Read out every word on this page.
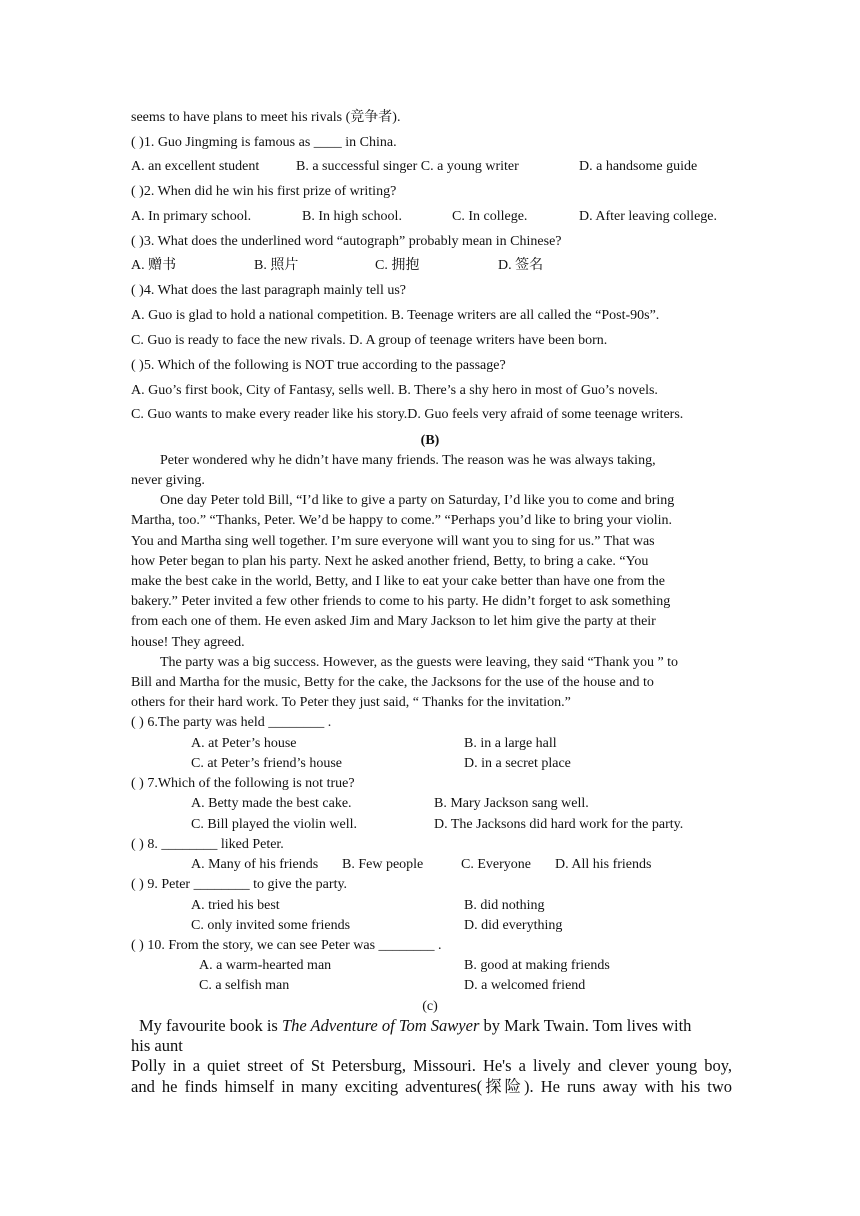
seems to have plans to meet his rivals (竞争者).
( )1. Guo Jingming is famous as ____ in China.
A. an excellent student	B. a successful singer C. a young writer	D. a handsome guide
( )2. When did he win his first prize of writing?
A. In primary school.	B. In high school.	C. In college.	D. After leaving college.
( )3. What does the underlined word “autograph” probably mean in Chinese?
A. 赠书	B. 照片	C. 拥抱	D. 签名
( )4. What does the last paragraph mainly tell us?
A. Guo is glad to hold a national competition. B. Teenage writers are all called the “Post-90s”.
C. Guo is ready to face the new rivals. D. A group of teenage writers have been born.
( )5. Which of the following is NOT true according to the passage?
A. Guo’s first book, City of Fantasy, sells well. B. There’s a shy hero in most of Guo’s novels.
C. Guo wants to make every reader like his story.D. Guo feels very afraid of some teenage writers.
(B)
Peter wondered why he didn’t have many friends. The reason was he was always taking,
never giving.
One day Peter told Bill, “I’d like to give a party on Saturday, I’d like you to come and bring
Martha, too.” “Thanks, Peter. We’d be happy to come.” “Perhaps you’d like to bring your violin.
You and Martha sing well together. I’m sure everyone will want you to sing for us.” That was
how Peter began to plan his party. Next he asked another friend, Betty, to bring a cake. “You
make the best cake in the world, Betty, and I like to eat your cake better than have one from the
bakery.” Peter invited a few other friends to come to his party. He didn’t forget to ask something
from each one of them. He even asked Jim and Mary Jackson to let him give the party at their
house! They agreed.
The party was a big success. However, as the guests were leaving, they said “Thank you ” to
Bill and Martha for the music, Betty for the cake, the Jacksons for the use of the house and to
others for their hard work. To Peter they just said, “ Thanks for the invitation.”
( ) 6.The party was held ________ .
A. at Peter’s house	B. in a large hall
C. at Peter’s friend’s house	D. in a secret place
( ) 7.Which of the following is not true?
A. Betty made the best cake.	B. Mary Jackson sang well.
C. Bill played the violin well.	D. The Jacksons did hard work for the party.
( ) 8. ________ liked Peter.
A. Many of his friends B. Few people	C. Everyone D. All his friends
( ) 9. Peter ________ to give the party.
A. tried his best	B. did nothing
C. only invited some friends	D. did everything
( ) 10. From the story, we can see Peter was ________ .
A. a warm-hearted man	B. good at making friends
C. a selfish man	D. a welcomed friend
(c)
My favourite book is The Adventure of Tom Sawyer by Mark Twain. Tom lives with
his aunt
Polly in a quiet street of St Petersburg, Missouri. He's a lively and clever young boy,
and he finds himself in many exciting adventures(探险). He runs away with his two
